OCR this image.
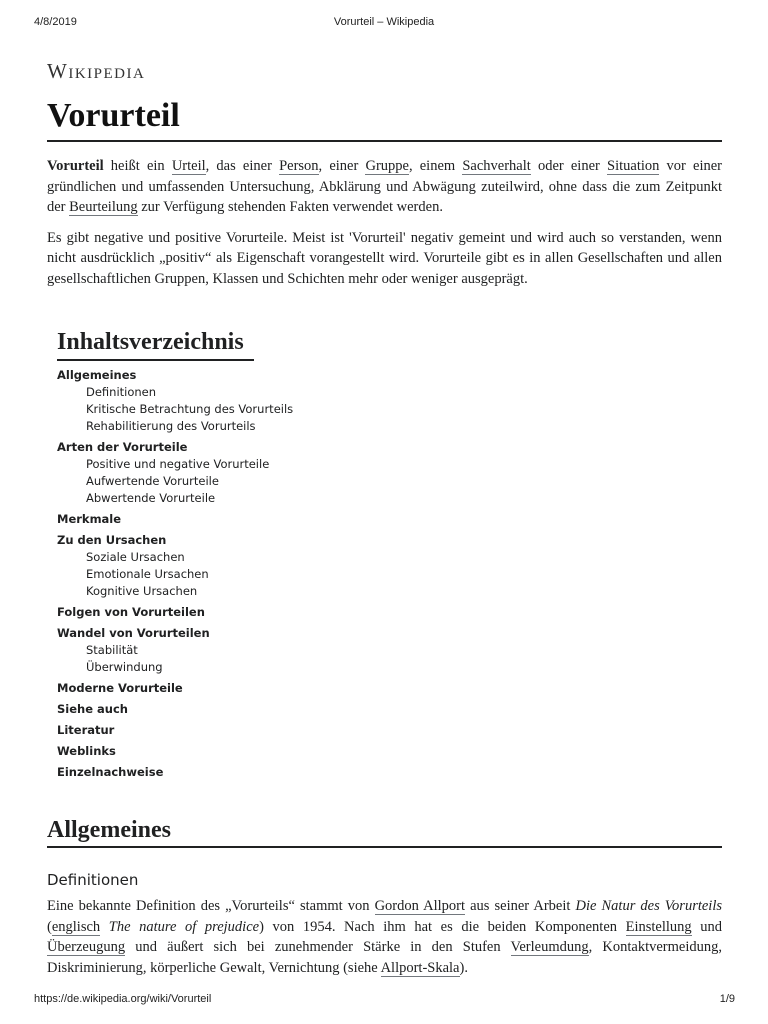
4/8/2019	Vorurteil – Wikipedia
Wikipedia
Vorurteil

Vorurteil heißt ein Urteil, das einer Person, einer Gruppe, einem Sachverhalt oder einer Situation vor einer gründlichen und umfassenden Untersuchung, Abklärung und Abwägung zuteilwird, ohne dass die zum Zeitpunkt der Beurteilung zur Verfügung stehenden Fakten verwendet werden.

Es gibt negative und positive Vorurteile. Meist ist 'Vorurteil' negativ gemeint und wird auch so verstanden, wenn nicht ausdrücklich „positiv“ als Eigenschaft vorangestellt wird. Vorurteile gibt es in allen Gesellschaften und allen gesellschaftlichen Gruppen, Klassen und Schichten mehr oder weniger ausgeprägt.

Inhaltsverzeichnis
Allgemeines
Definitionen
Kritische Betrachtung des Vorurteils
Rehabilitierung des Vorurteils
Arten der Vorurteile
Positive und negative Vorurteile
Aufwertende Vorurteile
Abwertende Vorurteile
Merkmale
Zu den Ursachen
Soziale Ursachen
Emotionale Ursachen
Kognitive Ursachen
Folgen von Vorurteilen
Wandel von Vorurteilen
Stabilität
Überwindung
Moderne Vorurteile
Siehe auch
Literatur
Weblinks
Einzelnachweise
Allgemeines
Definitionen

Eine bekannte Definition des „Vorurteils“ stammt von Gordon Allport aus seiner Arbeit Die Natur des Vorurteils (englisch The nature of prejudice) von 1954. Nach ihm hat es die beiden Komponenten Einstellung und Überzeugung und äußert sich bei zunehmender Stärke in den Stufen Verleumdung, Kontaktvermeidung, Diskriminierung, körperliche Gewalt, Vernichtung (siehe Allport-Skala).

https://de.wikipedia.org/wiki/Vorurteil	1/9
